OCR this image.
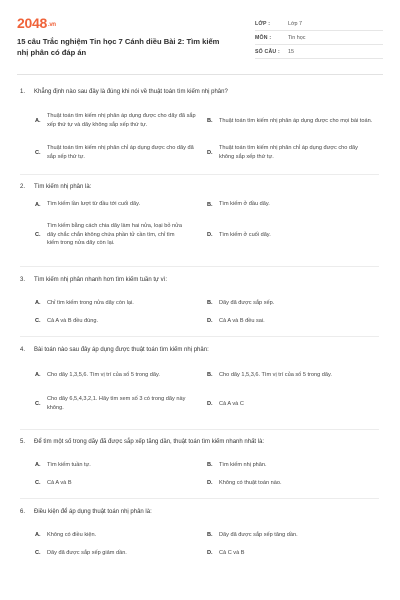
2048.vn
15 câu Trắc nghiệm Tin học 7 Cánh diều Bài 2: Tìm kiếm nhị phân có đáp án
LỚP :	Lớp 7
MÔN :	Tin học
SỐ CÂU :	15
1.	Khẳng định nào sau đây là đúng khi nói về thuật toán tìm kiếm nhị phân?
A.
Thuật toán tìm kiếm nhị phân áp dụng được cho dãy đã sắp xếp thứ tự và dãy không sắp xếp thứ tự.
B.	Thuật toán tìm kiếm nhị phân áp dụng được cho mọi bài toán.
C.
Thuật toán tìm kiếm nhị phân chỉ áp dụng được cho dãy đã sắp xếp thứ tự.
D.
Thuật toán tìm kiếm nhị phân chỉ áp dụng được cho dãy không sắp xếp thứ tự.
2.	Tìm kiếm nhị phân là:
A.	Tìm kiếm lần lượt từ đầu tới cuối dãy.	B.	Tìm kiếm ở đầu dãy.
C.
Tìm kiếm bằng cách chia dãy làm hai nửa, loại bỏ nửa dãy chắc chắn không chứa phần tử cần tìm, chỉ tìm kiếm trong nửa dãy còn lại.
D.	Tìm kiếm ở cuối dãy.
3.	Tìm kiếm nhị phân nhanh hơn tìm kiếm tuần tự vì:
A.	Chỉ tìm kiếm trong nửa dãy còn lại.	B.	Dãy đã được sắp xếp.
C.	Cả A và B đều đúng.	D.	Cả A và B đều sai.
4.	Bài toán nào sau đây áp dụng được thuật toán tìm kiếm nhị phân:
A.	Cho dãy 1,3,5,6. Tìm vị trí của số 5 trong dãy.	B.	Cho dãy 1,5,3,6. Tìm vị trí của số 5 trong dãy.
C.
Cho dãy 6,5,4,3,2,1. Hãy tìm xem số 3 có trong dãy này không.
D.	Cả A và C
5.	Để tìm một số trong dãy đã được sắp xếp tăng dần, thuật toán tìm kiếm nhanh nhất là:
A.	Tìm kiếm tuần tự.	B.	Tìm kiếm nhị phân.
C.	Cả A và B	D.	Không có thuật toán nào.
6.	Điều kiện để áp dụng thuật toán nhị phân là:
A.	Không có điều kiện.	B.	Dãy đã được sắp xếp tăng dần.
C.	Dãy đã được sắp xếp giảm dần.	D.	Cả C và B
